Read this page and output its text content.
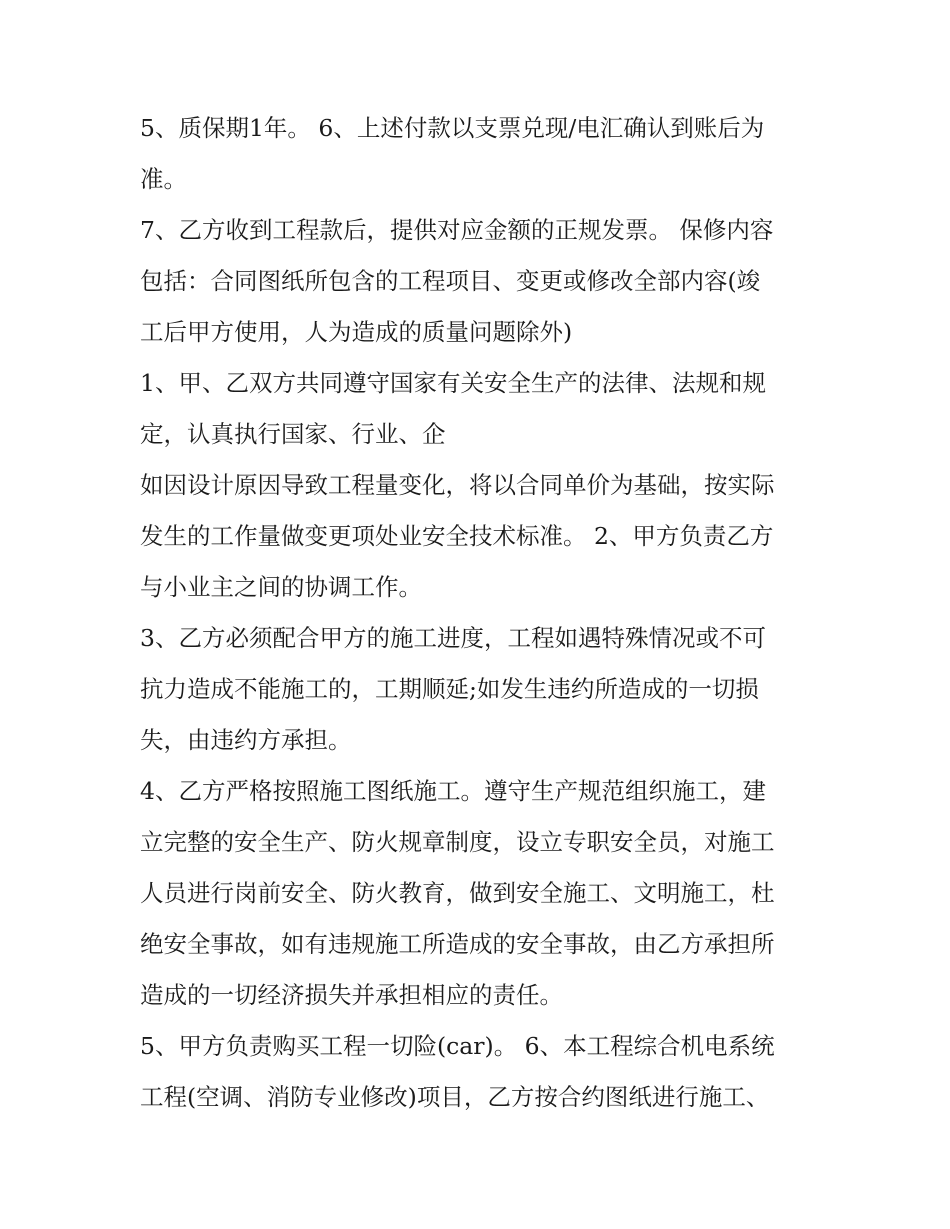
5、质保期1年。 6、上述付款以支票兑现/电汇确认到账后为
准。

7、乙方收到工程款后，提供对应金额的正规发票。 保修内容
包括：合同图纸所包含的工程项目、变更或修改全部内容(竣
工后甲方使用，人为造成的质量问题除外)

1、甲、乙双方共同遵守国家有关安全生产的法律、法规和规
定，认真执行国家、行业、企

如因设计原因导致工程量变化，将以合同单价为基础，按实际
发生的工作量做变更项处业安全技术标准。 2、甲方负责乙方
与小业主之间的协调工作。

3、乙方必须配合甲方的施工进度，工程如遇特殊情况或不可
抗力造成不能施工的，工期顺延;如发生违约所造成的一切损
失，由违约方承担。

4、乙方严格按照施工图纸施工。遵守生产规范组织施工，建
立完整的安全生产、防火规章制度，设立专职安全员，对施工
人员进行岗前安全、防火教育，做到安全施工、文明施工，杜
绝安全事故，如有违规施工所造成的安全事故，由乙方承担所
造成的一切经济损失并承担相应的责任。

5、甲方负责购买工程一切险(car)。 6、本工程综合机电系统
工程(空调、消防专业修改)项目，乙方按合约图纸进行施工、
